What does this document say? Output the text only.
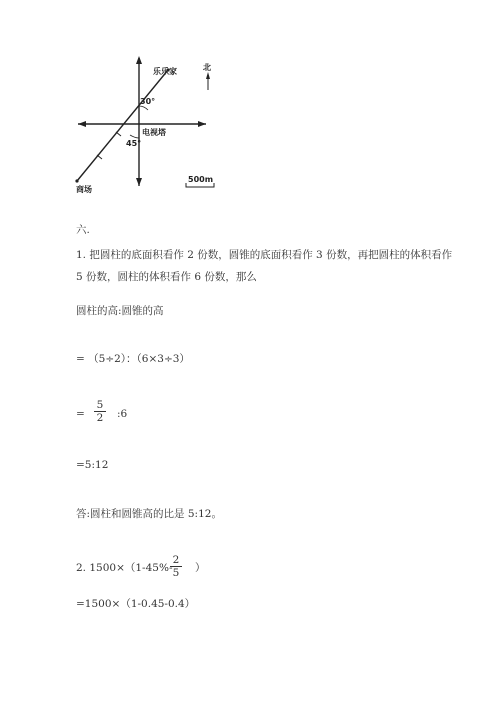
乐乐家
30°
电视塔
45°
商场
北
500m
六.
1. 把圆柱的底面积看作 2 份数，圆锥的底面积看作 3 份数，再把圆柱的体积看作
5 份数，圆柱的体积看作 6 份数，那么
圆柱的高:圆锥的高
= （5÷2）：（6×3÷3）
=
5
2	:6
=5:12
答:圆柱和圆锥高的比是 5:12。
2. 1500×（1-45%-
2
5	）
=1500×（1-0.45-0.4）
